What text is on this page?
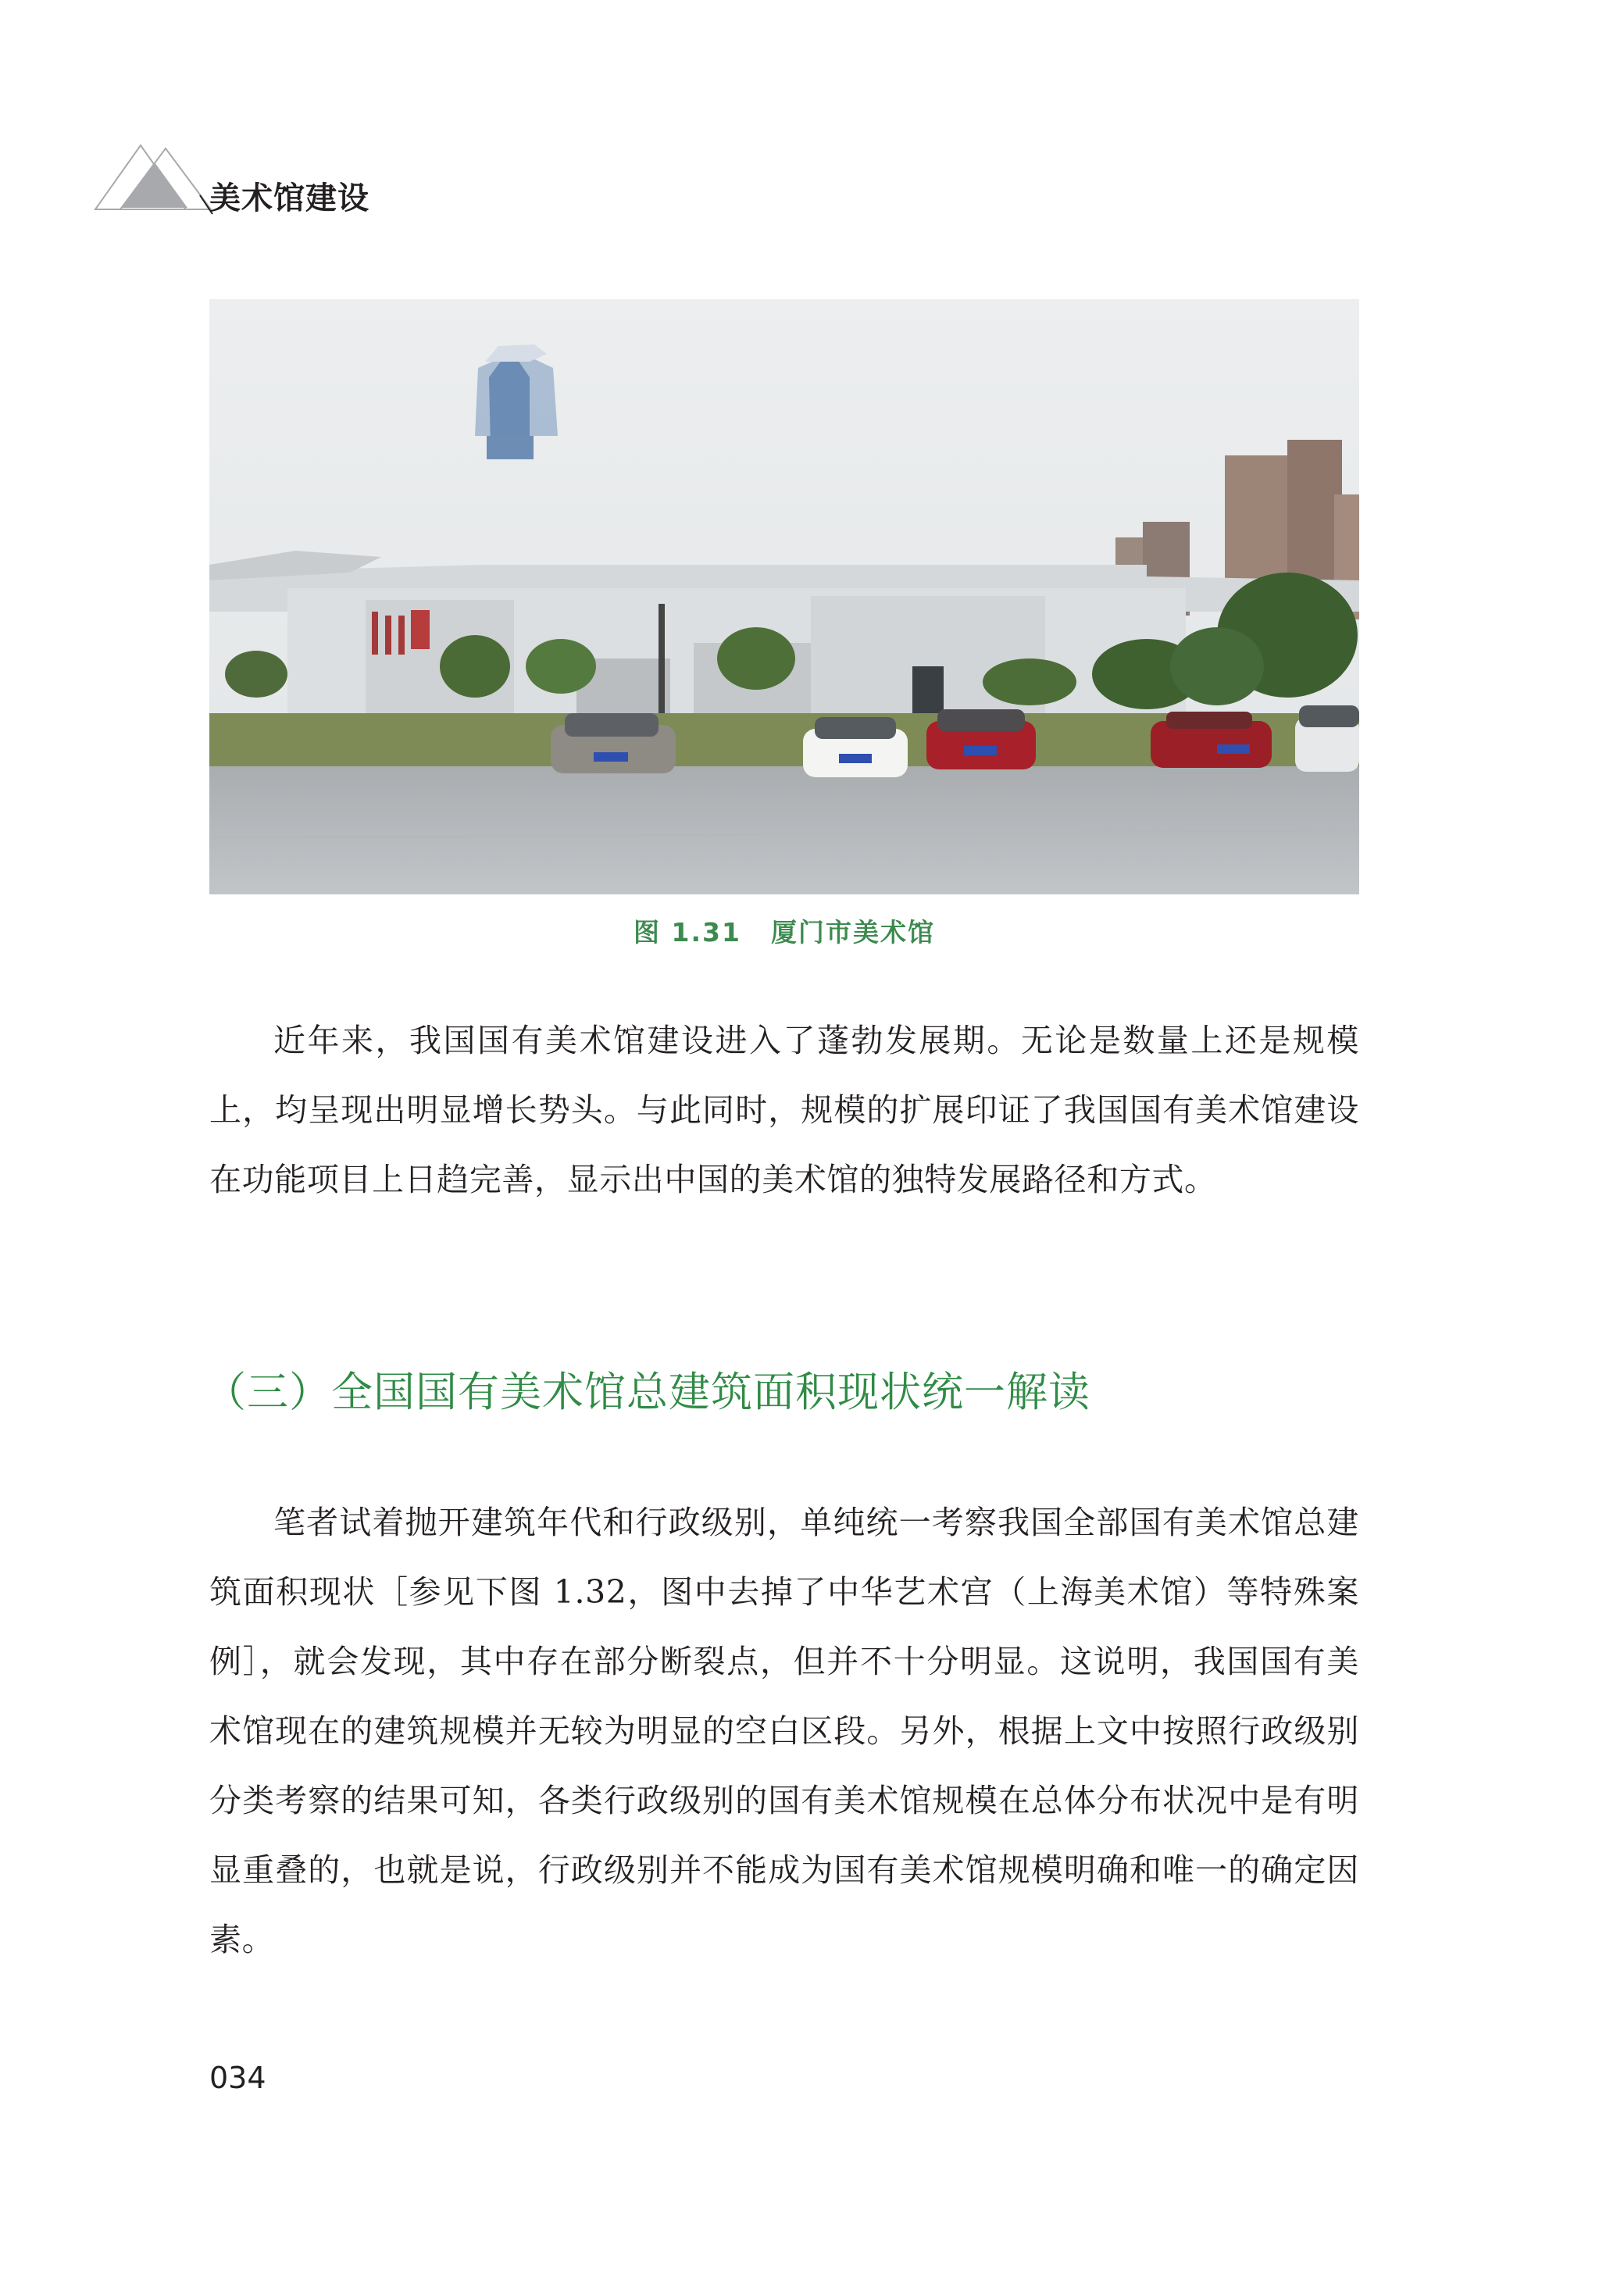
美术馆建设
图 1.31 厦门市美术馆

近年来，我国国有美术馆建设进入了蓬勃发展期。无论是数量上还是规模上，均呈现出明显增长势头。与此同时，规模的扩展印证了我国国有美术馆建设在功能项目上日趋完善，显示出中国的美术馆的独特发展路径和方式。

（三）全国国有美术馆总建筑面积现状统一解读

笔者试着抛开建筑年代和行政级别，单纯统一考察我国全部国有美术馆总建筑面积现状［参见下图 1.32，图中去掉了中华艺术宫（上海美术馆）等特殊案例］，就会发现，其中存在部分断裂点，但并不十分明显。这说明，我国国有美术馆现在的建筑规模并无较为明显的空白区段。另外，根据上文中按照行政级别分类考察的结果可知，各类行政级别的国有美术馆规模在总体分布状况中是有明显重叠的，也就是说，行政级别并不能成为国有美术馆规模明确和唯一的确定因素。

034
